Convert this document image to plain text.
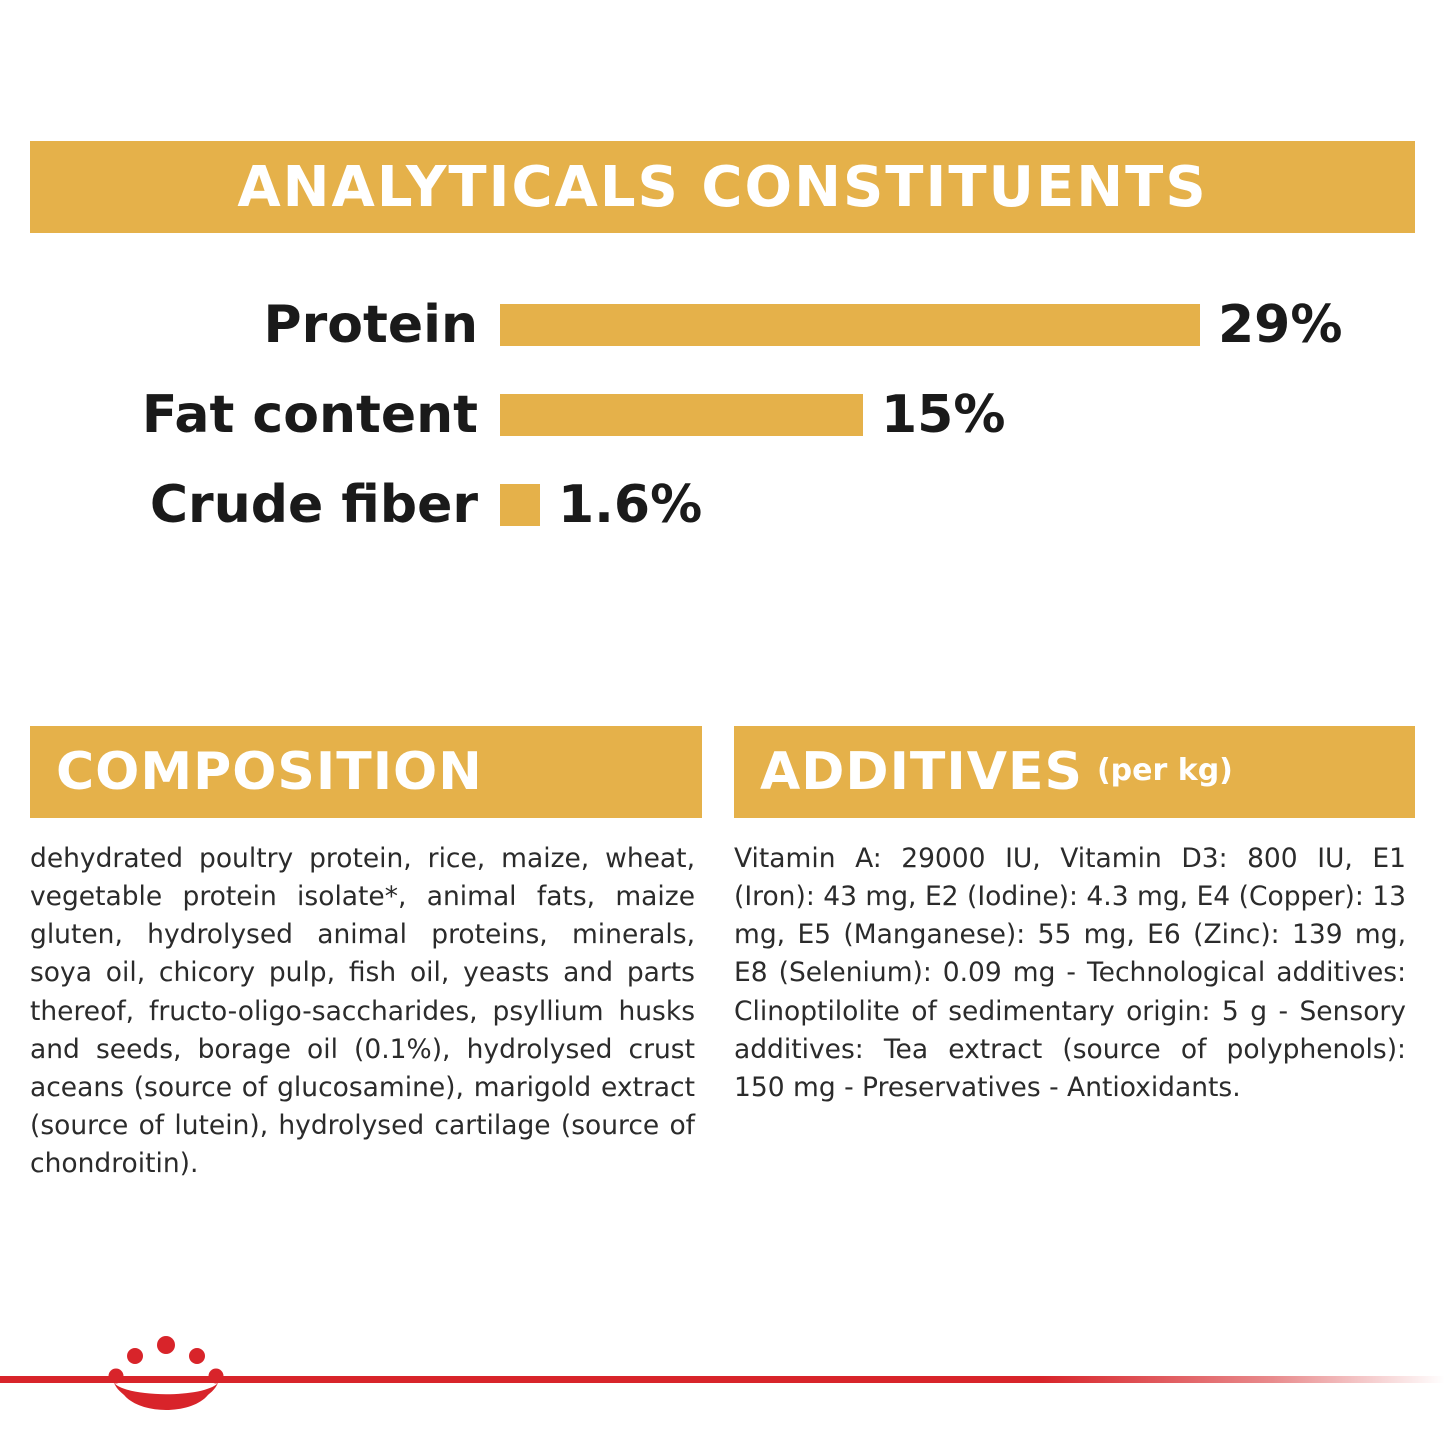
ANALYTICALS CONSTITUENTS
Protein	29%
Fat content	15%
Crude fiber	1.6%
COMPOSITION
dehydrated poultry protein, rice, maize, wheat, vegetable protein isolate*, animal fats, maize gluten, hydrolysed animal proteins, minerals, soya oil, chicory pulp, fish oil, yeasts and parts thereof, fructo-oligo-saccharides, psyllium husks and seeds, borage oil (0.1%), hydrolysed crust aceans (source of glucosamine), marigold extract (source of lutein), hydrolysed cartilage (source of chondroitin).
ADDITIVES (per kg)
Vitamin A: 29000 IU, Vitamin D3: 800 IU, E1 (Iron): 43 mg, E2 (Iodine): 4.3 mg, E4 (Copper): 13 mg, E5 (Manganese): 55 mg, E6 (Zinc): 139 mg, E8 (Selenium): 0.09 mg - Technological additives: Clinoptilolite of sedimentary origin: 5 g - Sensory additives: Tea extract (source of polyphenols): 150 mg - Preservatives - Antioxidants.
